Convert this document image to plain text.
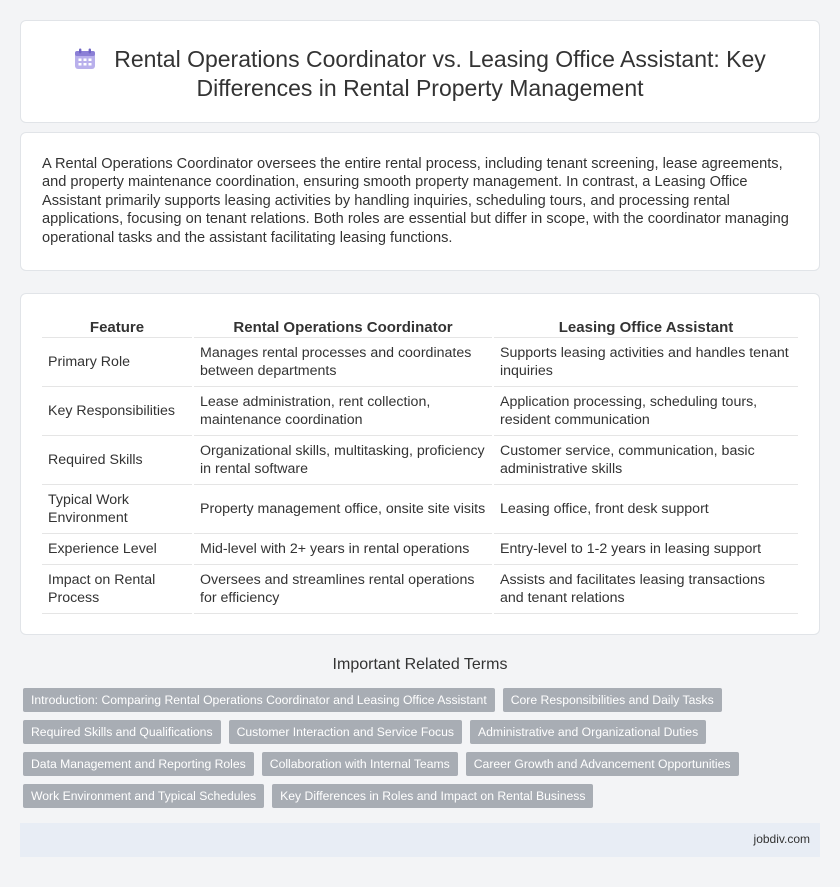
Rental Operations Coordinator vs. Leasing Office Assistant: Key Differences in Rental Property Management

A Rental Operations Coordinator oversees the entire rental process, including tenant screening, lease agreements, and property maintenance coordination, ensuring smooth property management. In contrast, a Leasing Office Assistant primarily supports leasing activities by handling inquiries, scheduling tours, and processing rental applications, focusing on tenant relations. Both roles are essential but differ in scope, with the coordinator managing operational tasks and the assistant facilitating leasing functions.

Feature	Rental Operations Coordinator	Leasing Office Assistant
Primary Role	Manages rental processes and coordinates between departments	Supports leasing activities and handles tenant inquiries
Key Responsibilities	Lease administration, rent collection, maintenance coordination	Application processing, scheduling tours, resident communication
Required Skills	Organizational skills, multitasking, proficiency in rental software	Customer service, communication, basic administrative skills
Typical Work Environment	Property management office, onsite site visits	Leasing office, front desk support
Experience Level	Mid-level with 2+ years in rental operations	Entry-level to 1-2 years in leasing support
Impact on Rental Process	Oversees and streamlines rental operations for efficiency	Assists and facilitates leasing transactions and tenant relations
Important Related Terms
Introduction: Comparing Rental Operations Coordinator and Leasing Office Assistant	Core Responsibilities and Daily Tasks
Required Skills and Qualifications	Customer Interaction and Service Focus	Administrative and Organizational Duties
Data Management and Reporting Roles	Collaboration with Internal Teams	Career Growth and Advancement Opportunities
Work Environment and Typical Schedules	Key Differences in Roles and Impact on Rental Business
jobdiv.com
